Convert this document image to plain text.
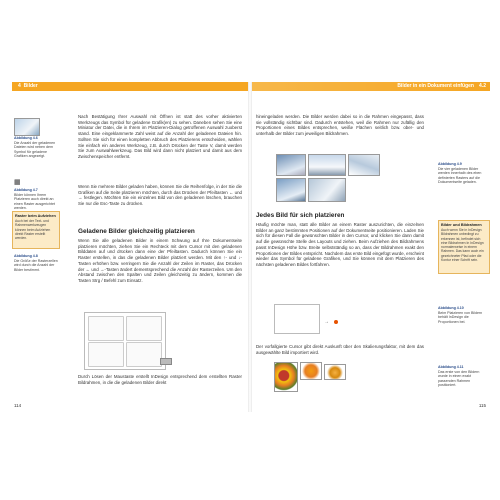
4 Bilder
Abbildung 4.6
Die Anzahl der geladenen Dateien wird neben dem Symbol für geladene Grafiken angezeigt.
▦
Abbildung 4.7
Bilder können Ihrem Platzieren auch direkt an einen Raster ausgerichtet werden.
Raster beim Aufziehen
Auch bei der Text- und Rahmenwerkzeugen können beim Aufziehen direkt Raster erstellt werden.
Abbildung 4.8
Die Größe der Rasterzellen wird durch die Anzahl der Bilder bestimmt.
Nach Bestätigung Ihrer Auswahl mit Öffnen ist statt des vorher aktivierten Werkzeugs das Symbol für geladene Grafik(en) zu sehen. Daneben sehen Sie eine Miniatur der Datei, die in Ihrem im Platzieren-Dialog getroffenen Auswahl zuoberst stand. Eine eingeklammerte Zahl weist auf die Anzahl der geladenen Dateien hin. Sollten Sie sich für einen kompletten Abbruch des Platzierens entscheiden, wählen Sie einfach ein anderes Werkzeug, z.B. durch Drücken der Taste V, damit werden Sie zum Auswahlwerkzeug. Das Bild wird dann nicht platziert und damit aus dem Zwischenspeicher entfernt.
Wenn Sie mehrere Bilder geladen haben, können Sie die Reihenfolge, in der Sie die Grafiken auf die Seite platzieren möchten, durch das Drücken der Pfeiltasten ← und → festlegen. Möchten Sie ein einzelnes Bild von den geladenen löschen, brauchen Sie nur die Esc-Taste zu drücken.
Geladene Bilder gleichzeitig platzieren
Wenn Sie alle geladenen Bilder in einem Schwung auf Ihre Dokumentseite platzieren möchten, ziehen Sie ein Rechteck mit dem Cursor mit den geladenen Bilddaten auf und drücken dann eine der Pfeiltasten. Dadurch können Sie ein Raster erstellen, in das die geladenen Bilder platziert werden. Mit den ↑- und ↓-Tasten erhöhen bzw. verringern Sie die Anzahl der Zeilen im Raster, das Drücken der ← und →-Tasten ändert dementsprechend die Anzahl der Rasterzeilen. Um den Abstand zwischen den Spalten und Zeilen gleichzeitig zu ändern, kommen die Tasten Strg / Befehl zum Einsatz.
Durch Lösen der Maustaste erstellt InDesign entsprechend dem erstellten Raster Bildrahmen, in die die geladenen Bilder direkt
114
Bilder in ein Dokument einfügen 4.2
hineingeladen werden. Die Bilder werden dabei so in die Rahmen eingepasst, dass sie vollständig sichtbar sind. Dadurch entstehen, weil die Rahmen nur zufällig den Proportionen eines Bildes entsprechen, weiße Flächen seitlich bzw. ober- und unterhalb der Bilder zum jeweiligen Bildrahmen.
Jedes Bild für sich platzieren
Häufig möchte man, statt alle Bilder an einem Raster auszurichten, die einzelnen Bilder an ganz bestimmten Positionen auf der Dokumentseite positionieren. Laden Sie sich für diesen Fall die gewünschten Bilder in den Cursor, und klicken Sie dann damit auf die gewünschte Stelle des Layouts und ziehen. Beim Aufziehen des Bildrahmens passt InDesign Höhe bzw. Breite selbstständig so an, dass der Bildrahmen exakt den Proportionen der Bildes entspricht. Nachdem das erste Bild eingefügt wurde, erscheint wieder das Symbol für geladene Grafiken, und Sie können mit dem Platzieren des nächsten geladenen Bildes fortfahren.
→
Der vorfallgierte Cursor gibt direkt Auskunft über den Skalierungsfaktor, mit dem das ausgewählte Bild importiert wird.
Abbildung 4.9
Die vier geladenen Bilder werden innerhalb des eben definierten Rasters auf die Dokumentseite geladen.
Bilder und Bildrahmen
Auch wenn Sie in InDesign Bildrahmen unbedingt zu erkennen ist, befindet sich eine Bildrahmen In InDesign normalerweise in einem Rahmen. Das kann auch ein gezeichneter Pfad oder die Kontur einer Schrift sein.
Abbildung 4.10
Beim Platzieren von Bildern behält InDesign die Proportionen bei.
Abbildung 4.11
Das erste von den Bildern wurde in einen exakt passenden Rahmen positioniert.
115
